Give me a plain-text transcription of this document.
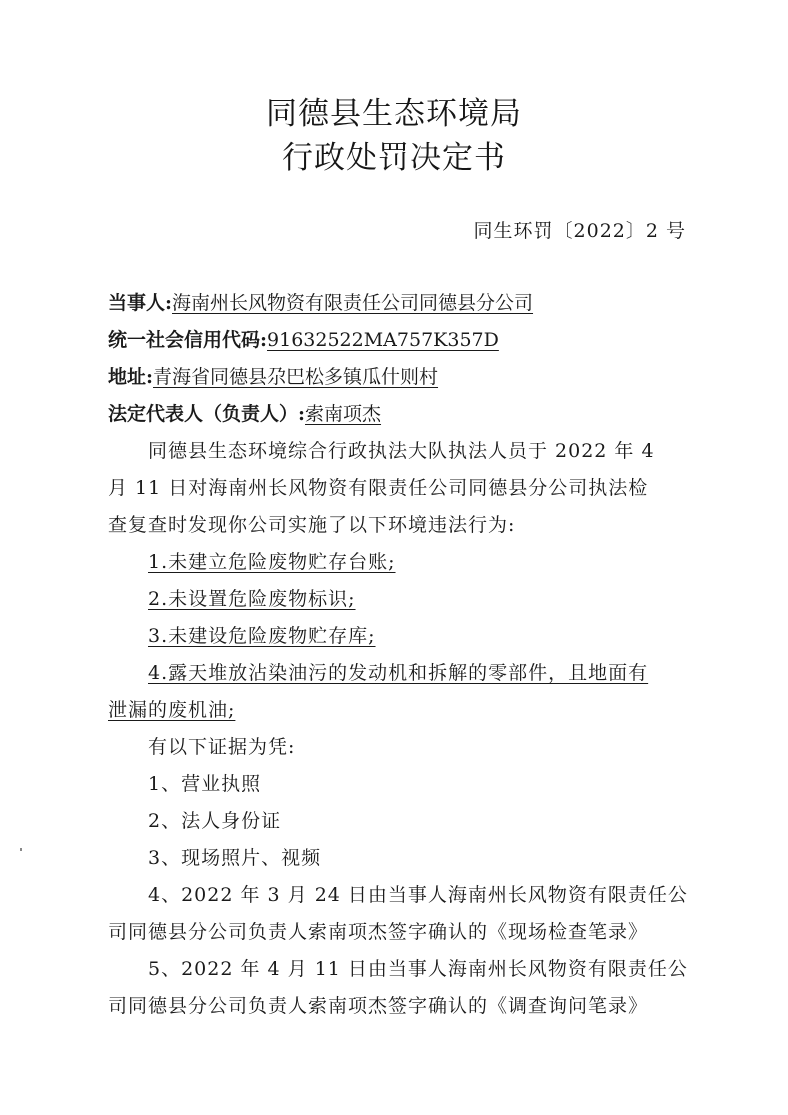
同德县生态环境局
行政处罚决定书
同生环罚〔2022〕2 号
当事人:海南州长风物资有限责任公司同德县分公司
统一社会信用代码:91632522MA757K357D
地址:青海省同德县尕巴松多镇瓜什则村
法定代表人（负责人）:索南项杰
同德县生态环境综合行政执法大队执法人员于 2022 年 4
月 11 日对海南州长风物资有限责任公司同德县分公司执法检
查复查时发现你公司实施了以下环境违法行为:
1.未建立危险废物贮存台账;
2.未设置危险废物标识;
3.未建设危险废物贮存库;
4.露天堆放沾染油污的发动机和拆解的零部件，且地面有
泄漏的废机油;
有以下证据为凭:
1、营业执照
2、法人身份证
3、现场照片、视频
4、2022 年 3 月 24 日由当事人海南州长风物资有限责任公
司同德县分公司负责人索南项杰签字确认的《现场检查笔录》
5、2022 年 4 月 11 日由当事人海南州长风物资有限责任公
司同德县分公司负责人索南项杰签字确认的《调查询问笔录》
